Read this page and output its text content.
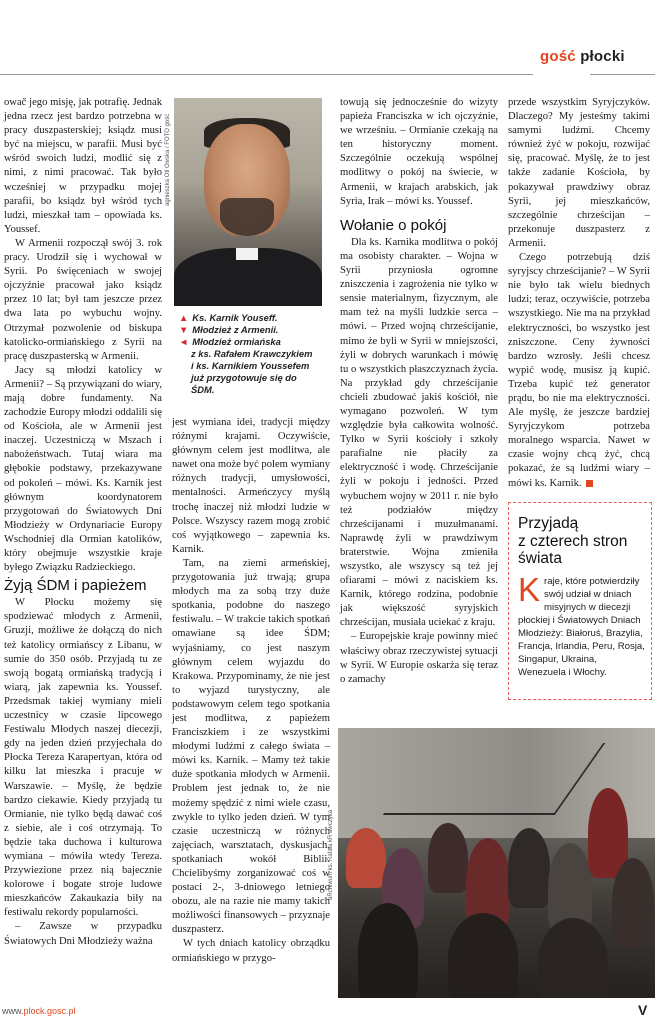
gość płocki

owač jego misję, jak potrafię. Jednak jedna rzecz jest bardzo potrzebna w pracy duszpasterskiej; ksiądz musi być na miejscu, w parafii. Musi być wśród swoich ludzi, modlić się z nimi, z nimi pracować. Tak było wcześniej w przypadku mojej parafii, bo ksiądz był wśród tych ludzi, mieszkał tam – opowiada ks. Youssef.

W Armenii rozpoczął swój 3. rok pracy. Urodził się i wychował w Syrii. Po święceniach w swojej ojczyźnie pracował jako ksiądz przez 10 lat; był tam jeszcze przez dwa lata po wybuchu wojny. Otrzymał pozwolenie od biskupa katolicko-ormiańskiego z Syrii na pracę duszpasterską w Armenii.

Jacy są młodzi katolicy w Armenii? – Są przywiązani do wiary, mają dobre fundamenty. Na zachodzie Europy młodzi oddalili się od Kościoła, ale w Armenii jest inaczej. Uczestniczą w Mszach i nabożeństwach. Tutaj wiara ma głębokie podstawy, przekazywane od pokoleń – mówi. Ks. Karnik jest głównym koordynatorem przygotowań do Światowych Dni Młodzieży w Ordynariacie Europy Wschodniej dla Ormian katolików, który obejmuje wszystkie kraje byłego Związku Radzieckiego.

Żyją ŚDM i papieżem

W Płocku możemy się spodziewać młodych z Armenii, Gruzji, możliwe że dołączą do nich też katolicy ormiańscy z Libanu, w sumie do 350 osób. Przyjadą tu ze swoją bogatą ormiańską tradycją i wiarą, jak zapewnia ks. Youssef. Przedsmak takiej wymiany mieli uczestnicy w czasie lipcowego Festiwalu Młodych naszej diecezji, gdy na jeden dzień przyjechała do Płocka Tereza Karapertyan, która od kilku lat mieszka i pracuje w Warszawie. – Myślę, że będzie bardzo ciekawie. Kiedy przyjadą tu Ormianie, nie tylko będą dawać coś z siebie, ale i coś otrzymają. To będzie taka duchowa i kulturowa wymiana – mówiła wtedy Tereza. Przywiezione przez nią bajecznie kolorowe i bogate stroje ludowe mieszkańców Zakaukazia biły na festiwalu rekordy popularności.

– Zawsze w przypadku Światowych Dni Młodzieży ważna

agnieszka Otł Owska / FOTO gość
▲ Ks. Karnik Youseff.
▼ Młodzież z Armenii.
◄ Młodzież ormiańska
z ks. Rafałem Krawczykiem
i ks. Karnikiem Youssefem
już przygotowuje się do
ŚDM.

jest wymiana idei, tradycji między różnymi krajami. Oczywiście, głównym celem jest modlitwa, ale nawet ona może być polem wymiany różnych tradycji, umysłowości, mentalności. Armeńczycy myślą trochę inaczej niż młodzi ludzie w Polsce. Wszyscy razem mogą zrobić coś wyjątkowego – zapewnia ks. Karnik.

Tam, na ziemi armeńskiej, przygotowania już trwają; grupa młodych ma za sobą trzy duże spotkania, podobne do naszego festiwalu. – W trakcie takich spotkań omawiane są idee ŚDM; wyjaśniamy, co jest naszym głównym celem wyjazdu do Krakowa. Przypominamy, że nie jest to wyjazd turystyczny, ale podstawowym celem tego spotkania jest modlitwa, z papieżem Franciszkiem i ze wszystkimi młodymi ludźmi z całego świata – mówi ks. Karnik. – Mamy też takie duże spotkania młodych w Armenii. Problem jest jednak to, że nie możemy spędzić z nimi wiele czasu, zwykle to tylko jeden dzień. W tym czasie uczestniczą w różnych zajęciach, warsztatach, dyskusjach, spotkaniach wokół Biblii. Chcielibyśmy zorganizować coś w postaci 2-, 3-dniowego letniego obozu, ale na razie nie mamy takich możliwości finansowych – przyznaje duszpasterz.

W tych dniach katolicy obrządku ormiańskiego w przygo-

towują się jednocześnie do wizyty papieża Franciszka w ich ojczyźnie, we wrześniu. – Ormianie czekają na ten historyczny moment. Szczególnie oczekują wspólnej modlitwy o pokój na świecie, w Armenii, w krajach arabskich, jak Syria, Irak – mówi ks. Youssef.

Wołanie o pokój

Dla ks. Karnika modlitwa o pokój ma osobisty charakter. – Wojna w Syrii przyniosła ogromne zniszczenia i zagrożenia nie tylko w sensie materialnym, fizycznym, ale mam też na myśli ludzkie serca – mówi. – Przed wojną chrześcijanie, mimo że byli w Syrii w mniejszości, żyli w dobrych warunkach i mówię tu o wszystkich płaszczyznach życia. Na przykład gdy chrześcijanie chcieli zbudować jakiś kościół, nie wymagano pozwoleń. W tym względzie była całkowita wolność. Tylko w Syrii kościoły i szkoły parafialne nie płaciły za elektryczność i wodę. Chrześcijanie żyli w pokoju i jedności. Przed wybuchem wojny w 2011 r. nie było też podziałów między chrześcijanami i muzułmanami. Naprawdę żyli w prawdziwym braterstwie. Wojna zmieniła wszystko, ale wszyscy są też jej ofiarami – mówi z naciskiem ks. Karnik, którego rodzina, podobnie jak większość syryjskich chrześcijan, musiała uciekać z kraju.

– Europejskie kraje powinny mieć właściwy obraz rzeczywistej sytuacji w Syrii. W Europie oskarża się teraz o zamachy

przede wszystkim Syryjczyków. Dlaczego? My jesteśmy takimi samymi ludźmi. Chcemy również żyć w pokoju, rozwijać się, pracować. Myślę, że to jest także zadanie Kościoła, by pokazywał prawdziwy obraz Syrii, jej mieszkańców, szczególnie chrześcijan – przekonuje duszpasterz z Armenii.

Czego potrzebują dziś syryjscy chrześcijanie? – W Syrii nie było tak wielu biednych ludzi; teraz, oczywiście, potrzeba wszystkiego. Nie ma na przykład elektryczności, bo wszystko jest zniszczone. Ceny żywności bardzo wzrosły. Jeśli chcesz wypić wodę, musisz ją kupić. Trzeba kupić też generator prądu, bo nie ma elektryczności. Ale myślę, że jeszcze bardziej Syryjczykom potrzeba moralnego wsparcia. Nawet w czasie wojny chcą żyć, chcą pokazać, że są ludźmi wiary – mówi ks. Karnik.

Przyjadą
z czterech stron
świata
Kraje, które potwierdziły swój udział w dniach misyjnych w diecezji płockiej i Światowych Dniach Młodzieży: Białoruś, Brazylia, Francja, Irlandia, Peru, Rosja, Singapur, Ukraina, Wenezuela i Włochy.
aRchiwum ks. Rafała kR awczyka
www.plock.gosc.pl	V
